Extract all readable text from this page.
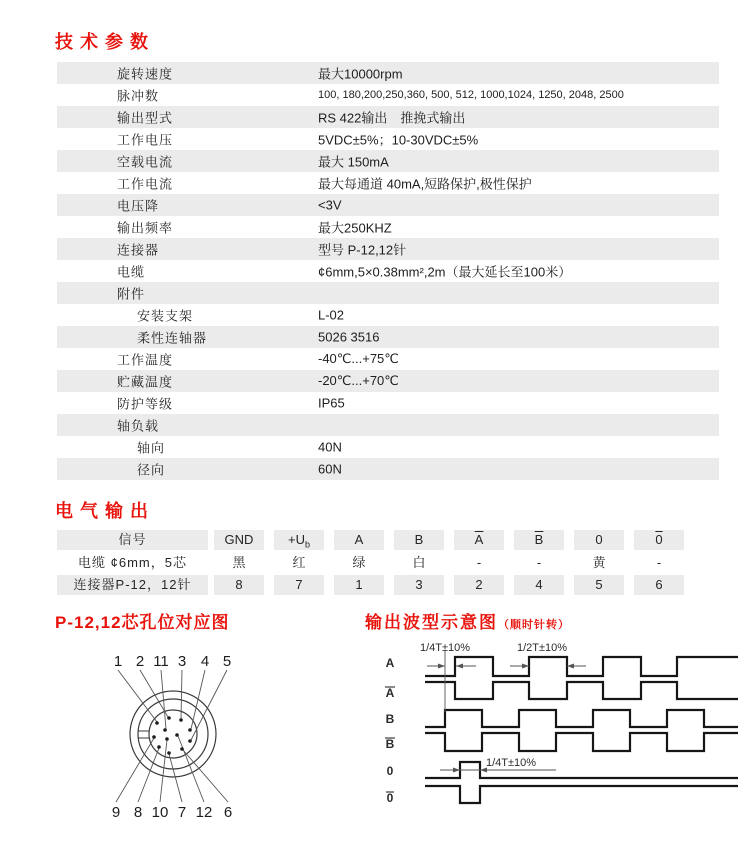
技术参数
旋转速度	最大10000rpm
脉冲数	100, 180,200,250,360, 500, 512, 1000,1024, 1250, 2048, 2500
输出型式	RS 422输出　推挽式输出
工作电压	5VDC±5%；10-30VDC±5%
空载电流	最大 150mA
工作电流	最大每通道 40mA,短路保护,极性保护
电压降	<3V
输出频率	最大250KHZ
连接器	型号 P-12,12针
电缆	¢6mm,5×0.38mm²,2m（最大延长至100米）
附件
安装支架	L-02
柔性连轴器	5026 3516
工作温度	-40℃...+75℃
贮藏温度	-20℃...+70℃
防护等级	IP65
轴负载
轴向	40N
径向	60N
电气输出
信号	GND	$+U_b$	A	B	$\overline{A}$	$\overline{B}$	0	0
电缆 ¢6mm，5芯	黑	红	绿	白	-	-	黄	-
连接器P-12，12针	8	7	1	3	2	4	5	6
P-12,12芯孔位对应图
1 2 11 3 4 5
9 8 10 7 12 6
输出波型示意图（顺时针转）
1/4T±10%	1/2T±10%
1/4T±10%
A
A
B
B
0
0
